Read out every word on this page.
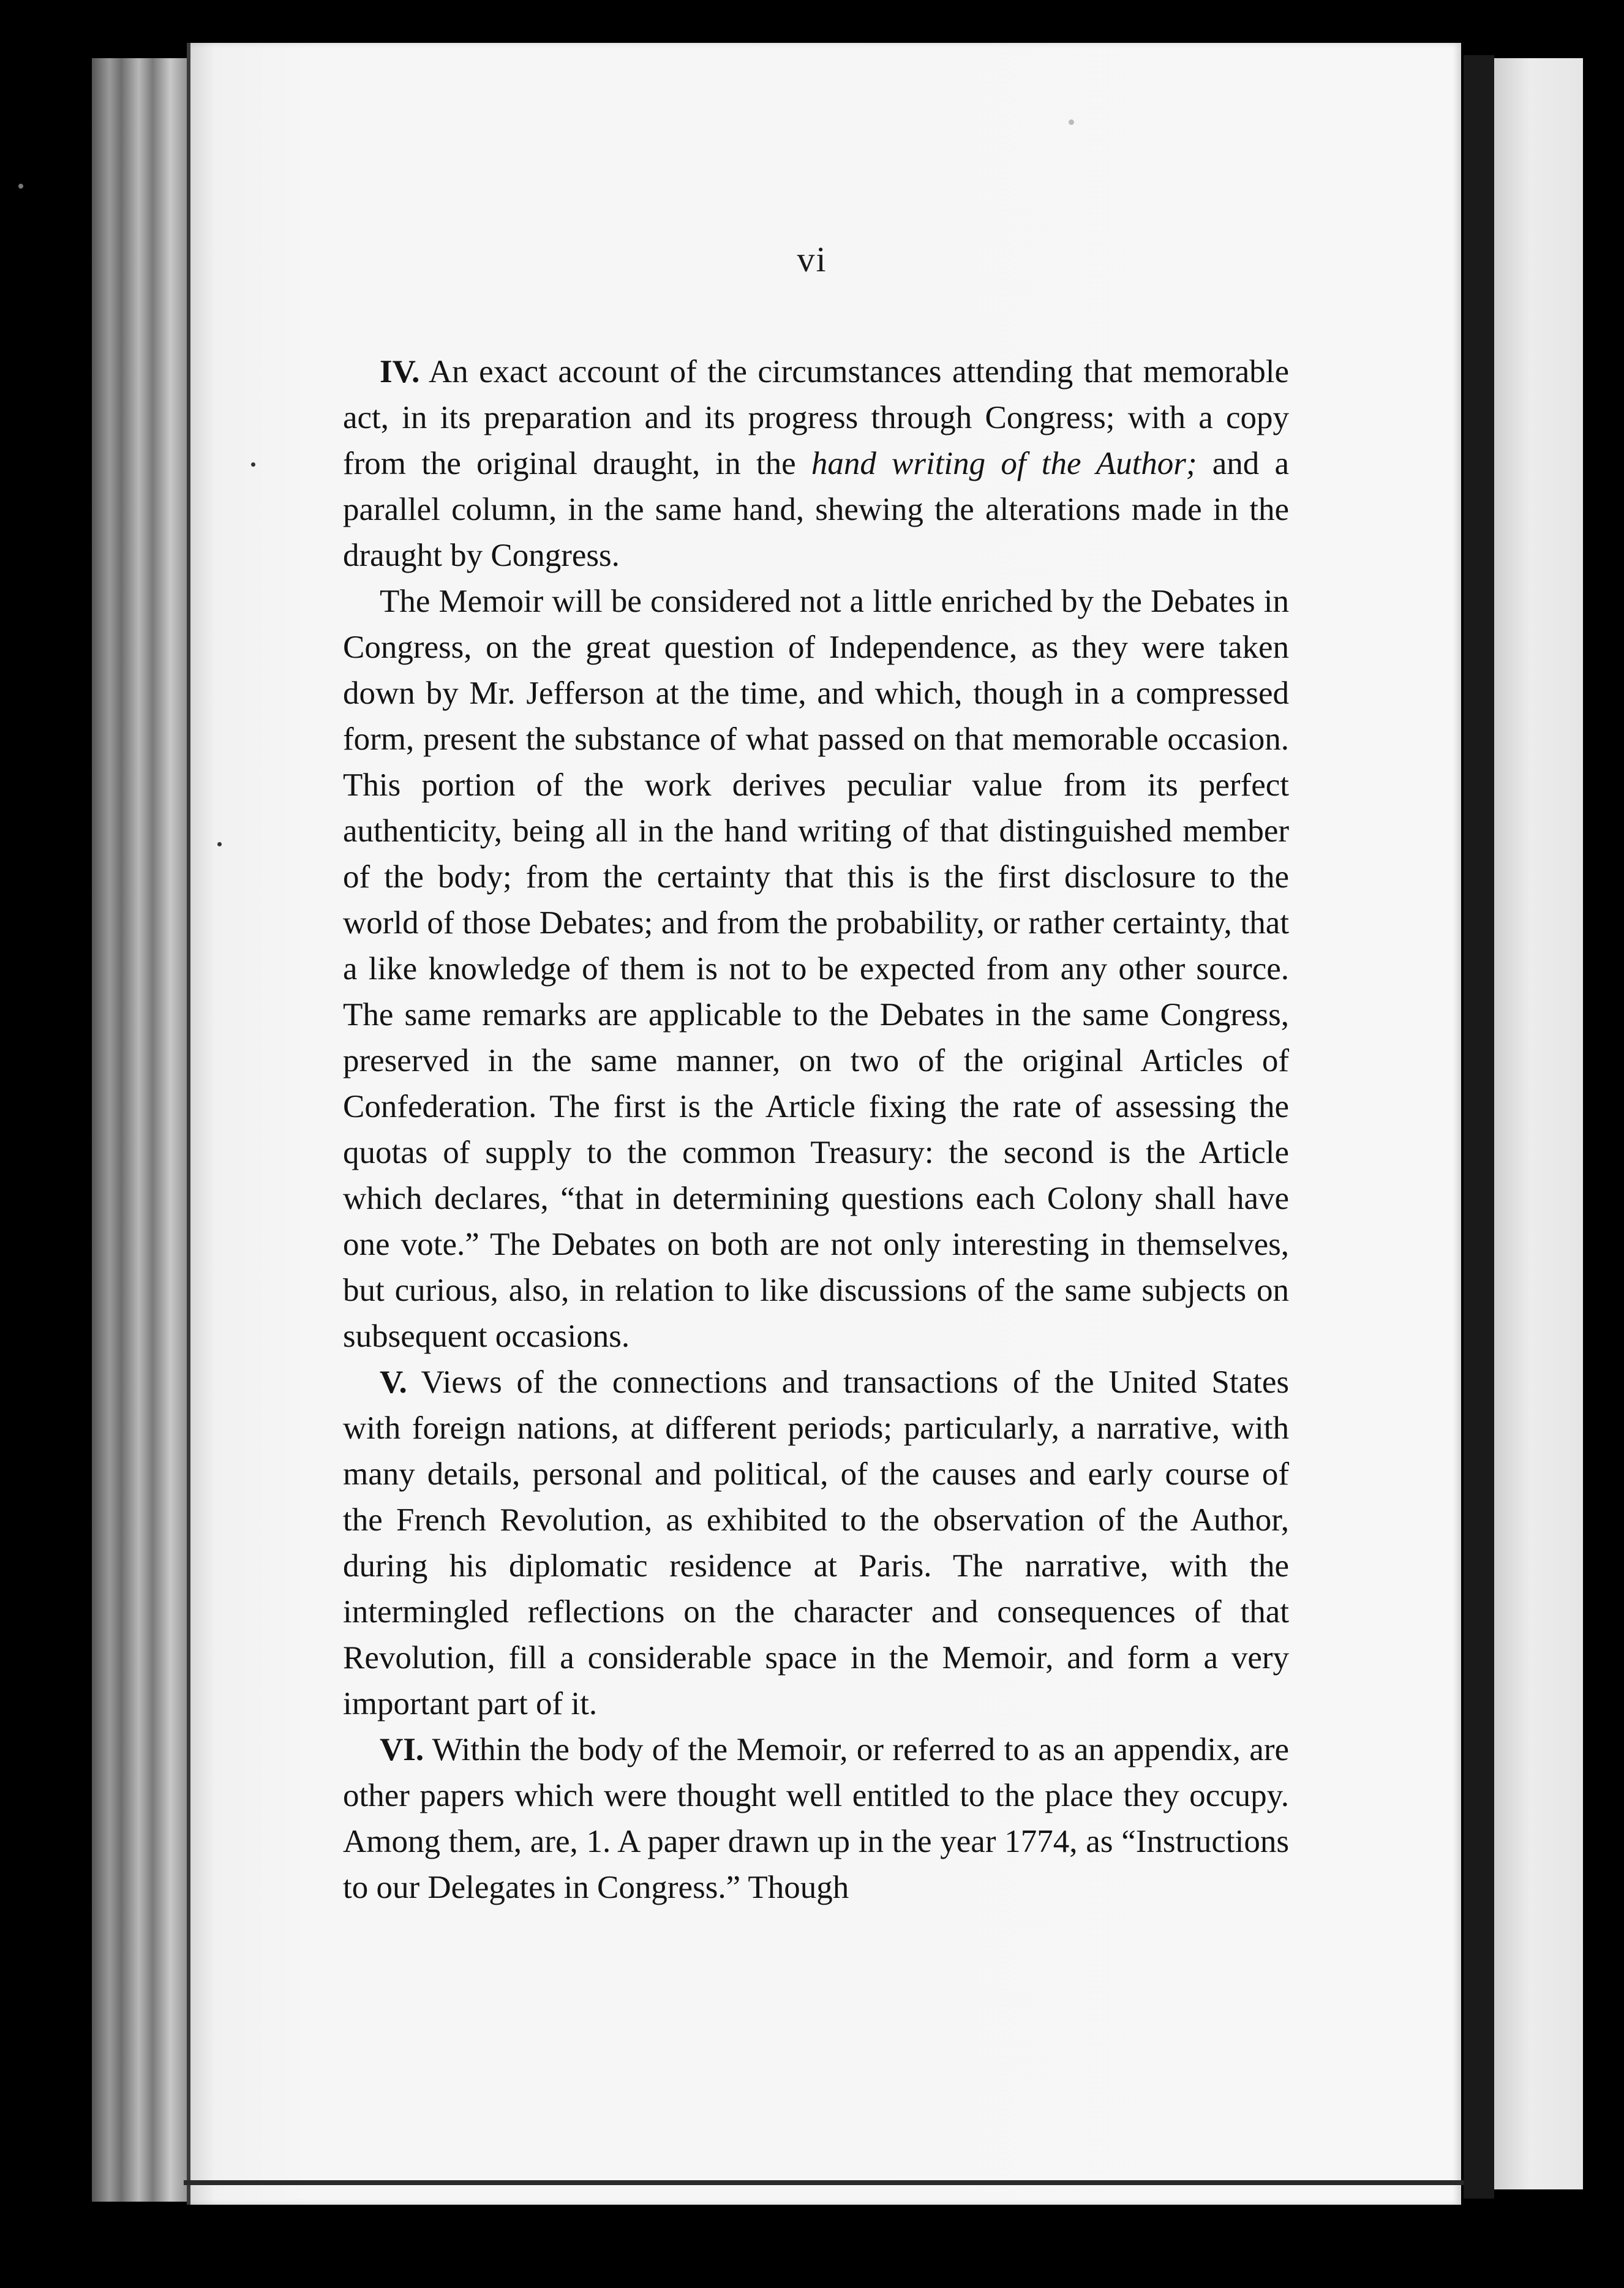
vi

IV. An exact account of the circumstances attending that memorable act, in its preparation and its progress through Congress; with a copy from the original draught, in the hand writing of the Author; and a parallel column, in the same hand, shewing the alterations made in the draught by Congress.

The Memoir will be considered not a little enriched by the Debates in Congress, on the great question of Independence, as they were taken down by Mr. Jefferson at the time, and which, though in a compressed form, present the substance of what passed on that memorable occasion. This portion of the work derives peculiar value from its perfect authenticity, being all in the hand writing of that distinguished member of the body; from the certainty that this is the first disclosure to the world of those Debates; and from the probability, or rather certainty, that a like knowledge of them is not to be expected from any other source. The same remarks are applicable to the Debates in the same Congress, preserved in the same manner, on two of the original Articles of Confederation. The first is the Article fixing the rate of assessing the quotas of supply to the common Treasury: the second is the Article which declares, “that in determining questions each Colony shall have one vote.” The Debates on both are not only interesting in themselves, but curious, also, in relation to like discussions of the same subjects on subsequent occasions.

V. Views of the connections and transactions of the United States with foreign nations, at different periods; particularly, a narrative, with many details, personal and political, of the causes and early course of the French Revolution, as exhibited to the observation of the Author, during his diplomatic residence at Paris. The narrative, with the intermingled reflections on the character and consequences of that Revolution, fill a considerable space in the Memoir, and form a very important part of it.

VI. Within the body of the Memoir, or referred to as an appendix, are other papers which were thought well entitled to the place they occupy. Among them, are, 1. A paper drawn up in the year 1774, as “Instructions to our Delegates in Congress.” Though
